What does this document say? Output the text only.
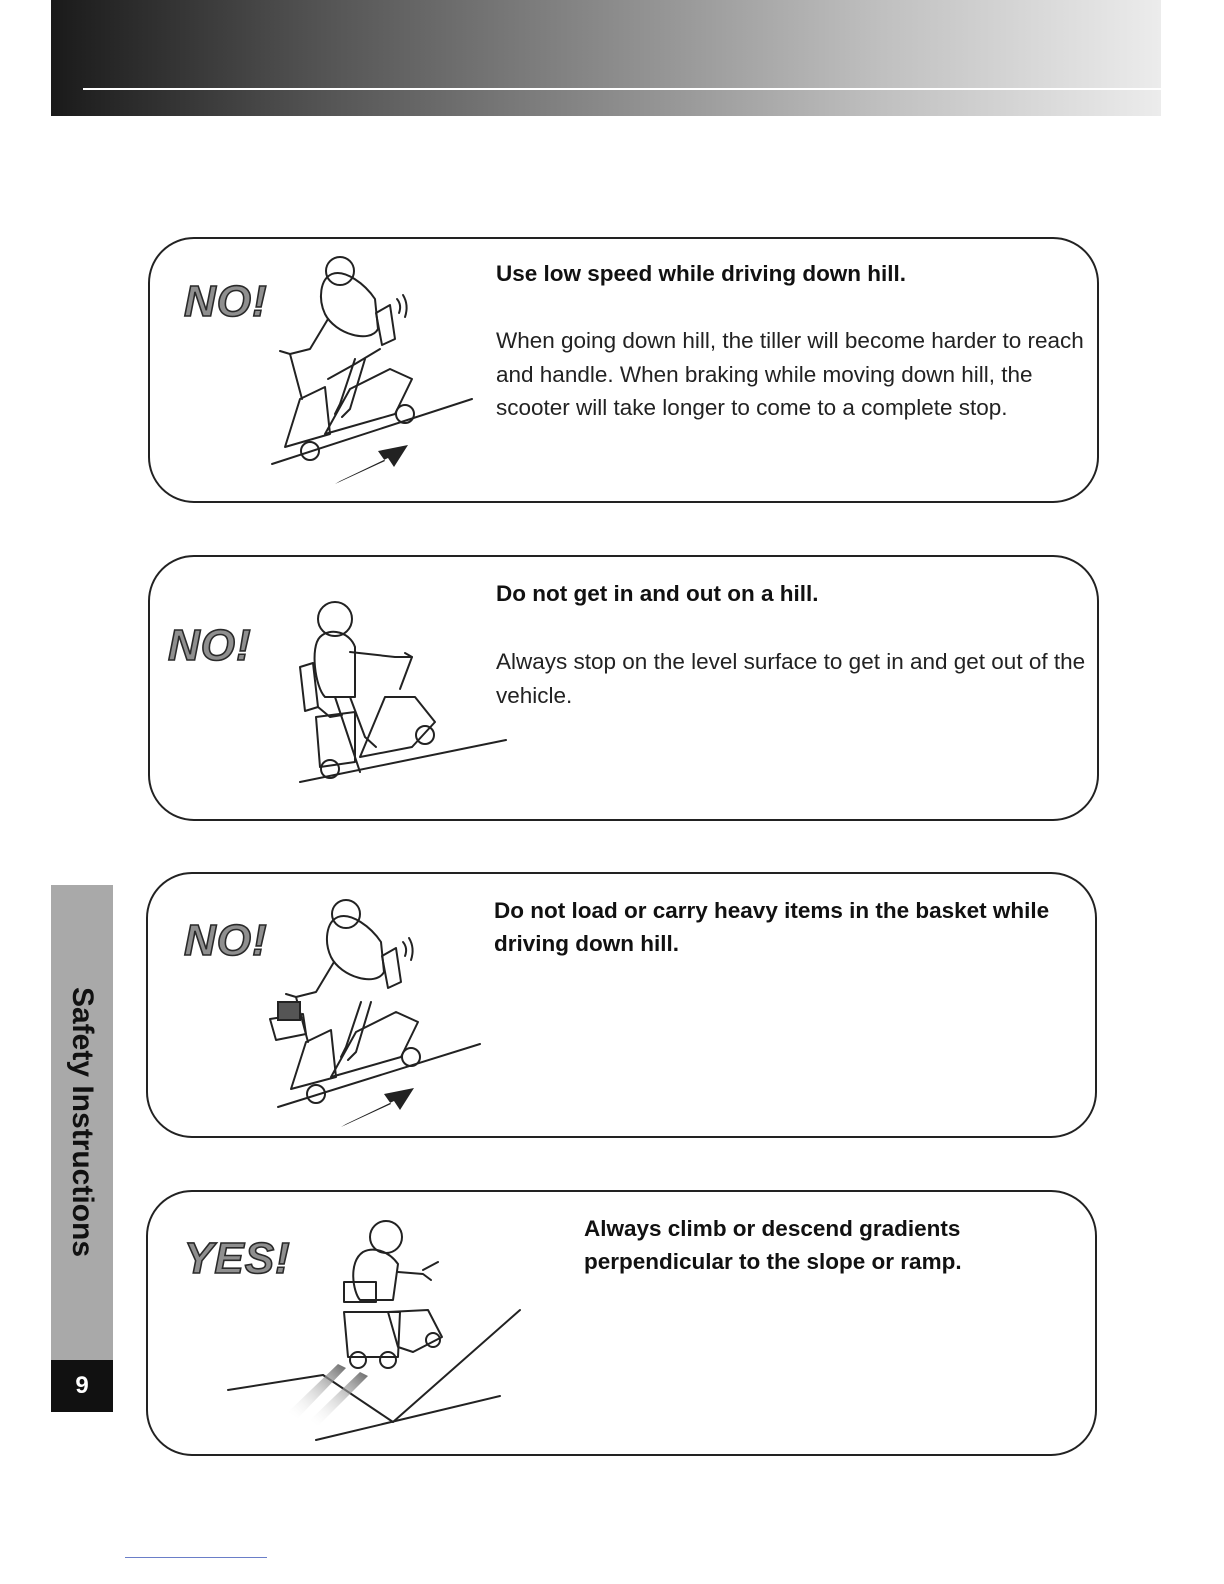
Safety Instructions
9
NO!
Use low speed while driving down hill.
When going down hill, the tiller will become harder to reach and handle. When braking while moving down hill, the scooter will take longer to come to a complete stop.
NO!
Do not get in and out on a hill.
Always stop on the level surface to get in and get out of the vehicle.
NO!
Do not load or carry heavy items in the basket while driving down hill.
YES!
Always climb or descend gradients perpendicular to the slope or ramp.
